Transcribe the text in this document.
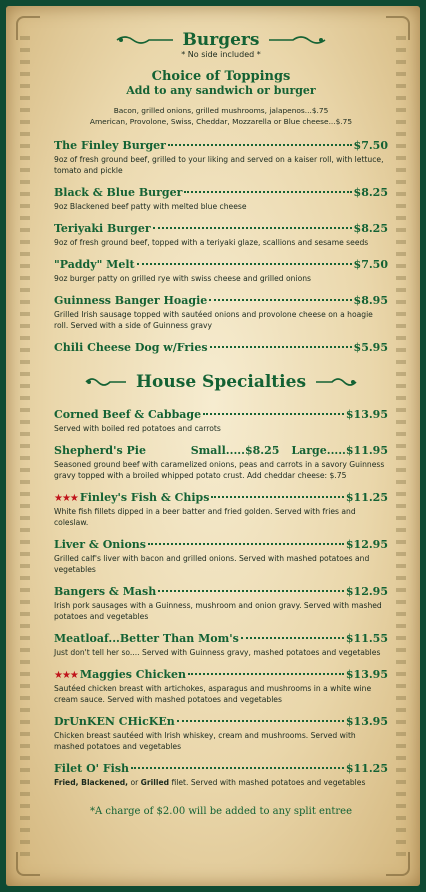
Burgers
* No side included *
Choice of Toppings
Add to any sandwich or burger
Bacon, grilled onions, grilled mushrooms, jalapenos...$.75
American, Provolone, Swiss, Cheddar, Mozzarella or Blue cheese...$.75
The Finley Burger	$7.50
9oz of fresh ground beef, grilled to your liking and served on a kaiser roll, with lettuce, tomato and pickle
Black & Blue Burger	$8.25
9oz Blackened beef patty with melted blue cheese
Teriyaki Burger	$8.25
9oz of fresh ground beef, topped with a teriyaki glaze, scallions and sesame seeds
"Paddy" Melt	$7.50
9oz burger patty on grilled rye with swiss cheese and grilled onions
Guinness Banger Hoagie	$8.95
Grilled Irish sausage topped with sautéed onions and provolone cheese on a hoagie roll. Served with a side of Guinness gravy
Chili Cheese Dog w/Fries	$5.95
House Specialties
Corned Beef & Cabbage	$13.95
Served with boiled red potatoes and carrots
Shepherd's Pie	Small..... $8.25 Large..... $11.95
Seasoned ground beef with caramelized onions, peas and carrots in a savory Guinness gravy topped with a broiled whipped potato crust. Add cheddar cheese: $.75
★★★ Finley's Fish & Chips	$11.25
White fish fillets dipped in a beer batter and fried golden. Served with fries and coleslaw.
Liver & Onions	$12.95
Grilled calf's liver with bacon and grilled onions. Served with mashed potatoes and vegetables
Bangers & Mash	$12.95
Irish pork sausages with a Guinness, mushroom and onion gravy. Served with mashed potatoes and vegetables
Meatloaf...Better Than Mom's	$11.55
Just don't tell her so.... Served with Guinness gravy, mashed potatoes and vegetables
★★★ Maggies Chicken	$13.95
Sautéed chicken breast with artichokes, asparagus and mushrooms in a white wine cream sauce. Served with mashed potatoes and vegetables
DrUnKEN CHicKEn	$13.95
Chicken breast sautéed with Irish whiskey, cream and mushrooms. Served with mashed potatoes and vegetables
Filet O' Fish	$11.25
Fried, Blackened, or Grilled filet. Served with mashed potatoes and vegetables
*A charge of $2.00 will be added to any split entree
